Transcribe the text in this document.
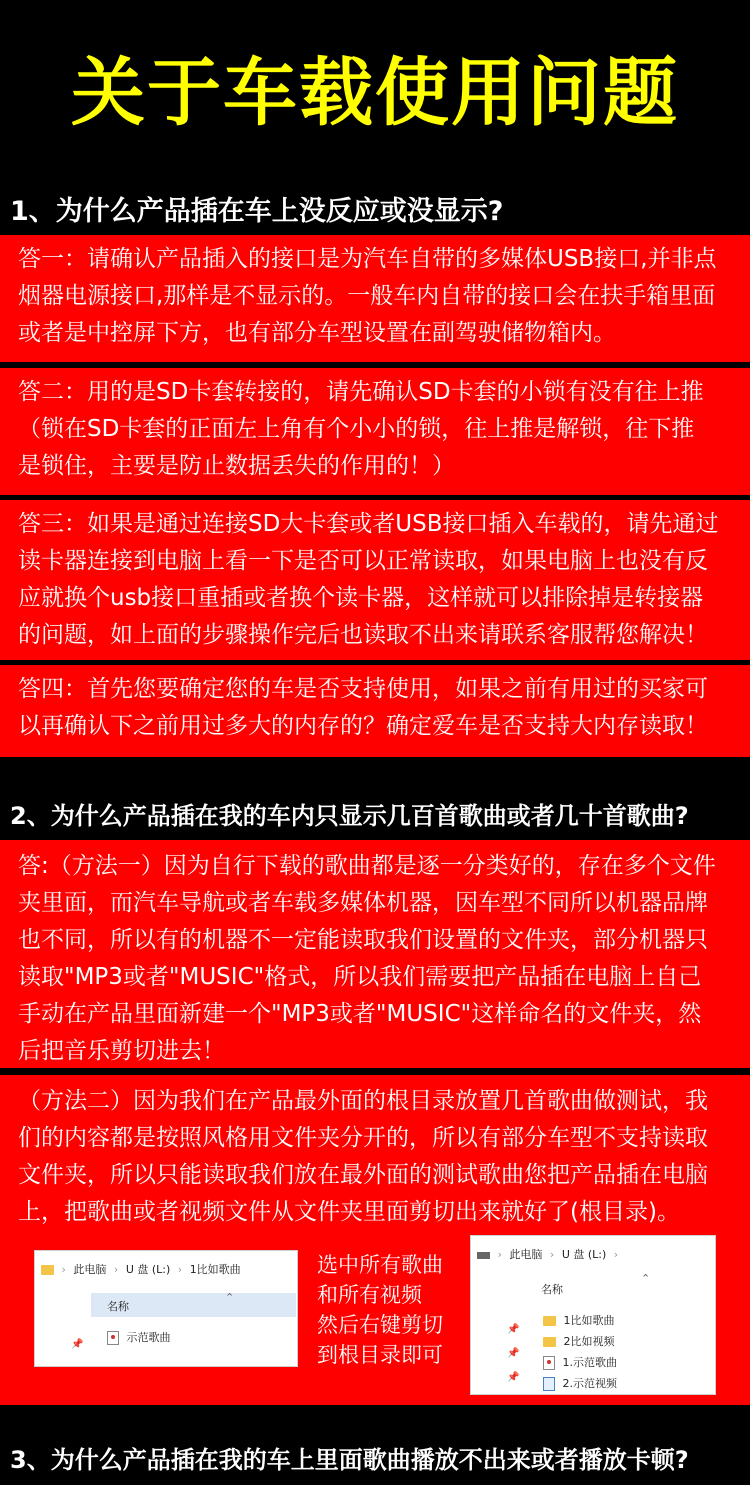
关于车载使用问题
1、为什么产品插在车上没反应或没显示?

答一：请确认产品插入的接口是为汽车自带的多媒体USB接口,并非点

烟器电源接口,那样是不显示的。一般车内自带的接口会在扶手箱里面

或者是中控屏下方，也有部分车型设置在副驾驶储物箱内。

答二：用的是SD卡套转接的，请先确认SD卡套的小锁有没有往上推

（锁在SD卡套的正面左上角有个小小的锁，往上推是解锁，往下推

是锁住，主要是防止数据丢失的作用的！）

答三：如果是通过连接SD大卡套或者USB接口插入车载的，请先通过

读卡器连接到电脑上看一下是否可以正常读取，如果电脑上也没有反

应就换个usb接口重插或者换个读卡器，这样就可以排除掉是转接器

的问题，如上面的步骤操作完后也读取不出来请联系客服帮您解决！

答四：首先您要确定您的车是否支持使用，如果之前有用过的买家可

以再确认下之前用过多大的内存的？确定爱车是否支持大内存读取！

2、为什么产品插在我的车内只显示几百首歌曲或者几十首歌曲?

答:（方法一）因为自行下载的歌曲都是逐一分类好的，存在多个文件

夹里面，而汽车导航或者车载多媒体机器，因车型不同所以机器品牌

也不同，所以有的机器不一定能读取我们设置的文件夹，部分机器只

读取"MP3或者"MUSIC"格式，所以我们需要把产品插在电脑上自己

手动在产品里面新建一个"MP3或者"MUSIC"这样命名的文件夹，然

后把音乐剪切进去！

（方法二）因为我们在产品最外面的根目录放置几首歌曲做测试，我

们的内容都是按照风格用文件夹分开的，所以有部分车型不支持读取

文件夹，所以只能读取我们放在最外面的测试歌曲您把产品插在电脑

上，把歌曲或者视频文件从文件夹里面剪切出来就好了(根目录)。

› 此电脑 › U 盘 (L:) › 1比如歌曲
名称
⌃
示范歌曲
📌
选中所有歌曲
和所有视频
然后右键剪切
到根目录即可
› 此电脑 › U 盘 (L:) ›
名称
⌃
1比如歌曲
2比如视频
1.示范歌曲
2.示范视频
📌
📌
📌
3、为什么产品插在我的车上里面歌曲播放不出来或者播放卡顿?
